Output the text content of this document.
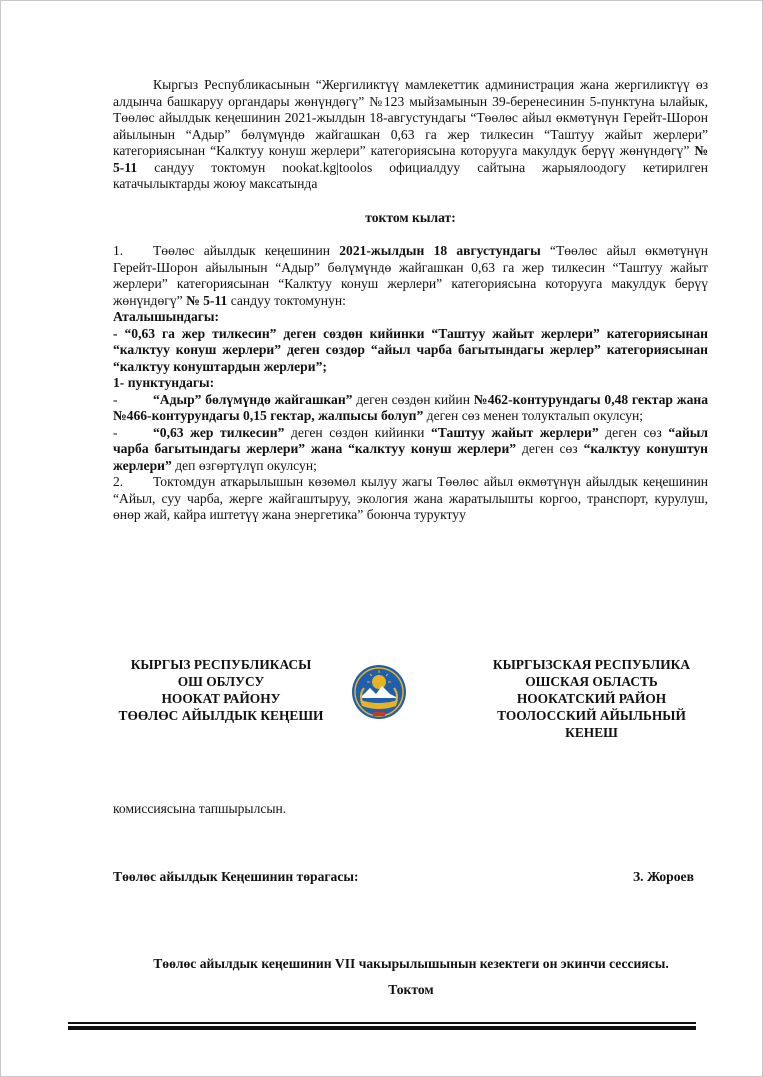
Кыргыз Республикасынын “Жергиликтүү мамлекеттик администрация жана жергиликтүү өз алдынча башкаруу органдары жөнүндөгү” №123 мыйзамынын 39-беренесинин 5-пунктуна ылайык, Төөлөс айылдык кеңешинин 2021-жылдын 18-августундагы “Төөлөс айыл өкмөтүнүн Герейт-Шорон айылынын “Адыр” бөлүмүндө жайгашкан 0,63 га жер тилкесин “Таштуу жайыт жерлери” категориясынан “Калктуу конуш жерлери” категориясына которууга макулдук берүү жөнүндөгү” № 5-11 сандуу токтомун nookat.kg|toolos официалдуу сайтына жарыялоодогу кетирилген катачылыктарды жоюу максатында

токтом кылат:

1. Төөлөс айылдык кеңешинин 2021-жылдын 18 августундагы “Төөлөс айыл өкмөтүнүн Герейт-Шорон айылынын “Адыр” бөлүмүндө жайгашкан 0,63 га жер тилкесин “Таштуу жайыт жерлери” категориясынан “Калктуу конуш жерлери” категориясына которууга макулдук берүү жөнүндөгү” № 5-11 сандуу токтомунун:

Аталышындагы:

- “0,63 га жер тилкесин” деген сөздөн кийинки “Таштуу жайыт жерлери” категориясынан “калктуу конуш жерлери” деген сөздөр “айыл чарба багытындагы жерлер” категориясынан “калктуу конуштардын жерлери”;

1- пунктундагы:

-	“Адыр” бөлүмүндө жайгашкан” деген сөздөн кийин №462-контурундагы 0,48 гектар жана №466-контурундагы 0,15 гектар, жалпысы болуп” деген сөз менен толукталып окулсун;

-	“0,63 жер тилкесин” деген сөздөн кийинки “Таштуу жайыт жерлери” деген сөз “айыл чарба багытындагы жерлери” жана “калктуу конуш жерлери” деген сөз “калктуу конуштун жерлери” деп өзгөртүлүп окулсун;

2. Токтомдун аткарылышын көзөмөл кылуу жагы Төөлөс айыл өкмөтүнүн айылдык кеңешинин “Айыл, суу чарба, жерге жайгаштыруу, экология жана жаратылышты коргоо, транспорт, курулуш, өнөр жай, кайра иштетүү жана энергетика” боюнча туруктуу

КЫРГЫЗ РЕСПУБЛИКАСЫ
ОШ ОБЛУСУ
НООКАТ РАЙОНУ
ТӨӨЛӨС АЙЫЛДЫК КЕҢЕШИ
КЫРГЫЗСКАЯ РЕСПУБЛИКА
ОШСКАЯ ОБЛАСТЬ
НООКАТСКИЙ РАЙОН
ТООЛОССКИЙ АЙЫЛЬНЫЙ
КЕНЕШ

комиссиясына тапшырылсын.

Төөлөс айылдык Кеңешинин төрагасы:	З. Жороев

Төөлөс айылдык кеңешинин VII чакырылышынын кезектеги он экинчи сессиясы.

Токтом
